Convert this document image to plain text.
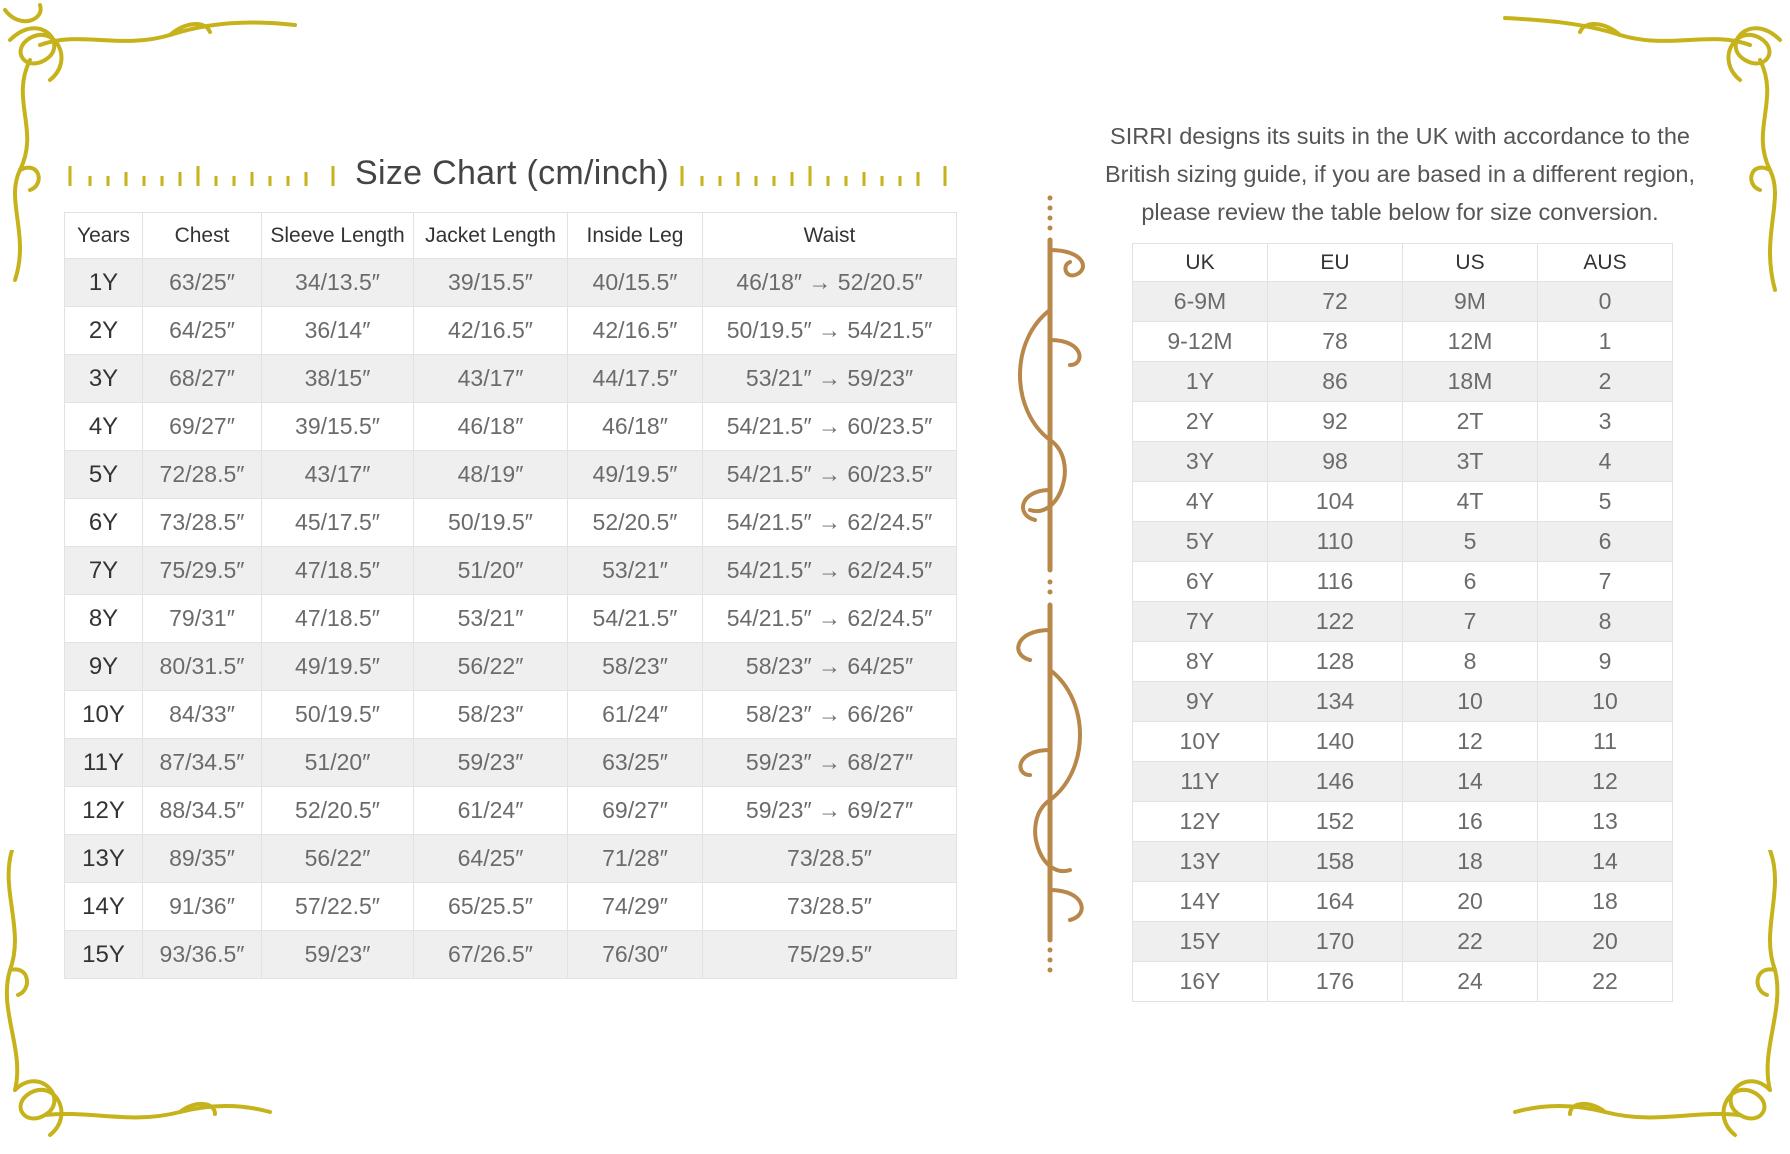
Size Chart (cm/inch)
Years	Chest	Sleeve Length	Jacket Length	Inside Leg	Waist
1Y	63/25″	34/13.5″	39/15.5″	40/15.5″	46/18″ → 52/20.5″
2Y	64/25″	36/14″	42/16.5″	42/16.5″	50/19.5″ → 54/21.5″
3Y	68/27″	38/15″	43/17″	44/17.5″	53/21″ → 59/23″
4Y	69/27″	39/15.5″	46/18″	46/18″	54/21.5″ → 60/23.5″
5Y	72/28.5″	43/17″	48/19″	49/19.5″	54/21.5″ → 60/23.5″
6Y	73/28.5″	45/17.5″	50/19.5″	52/20.5″	54/21.5″ → 62/24.5″
7Y	75/29.5″	47/18.5″	51/20″	53/21″	54/21.5″ → 62/24.5″
8Y	79/31″	47/18.5″	53/21″	54/21.5″	54/21.5″ → 62/24.5″
9Y	80/31.5″	49/19.5″	56/22″	58/23″	58/23″ → 64/25″
10Y	84/33″	50/19.5″	58/23″	61/24″	58/23″ → 66/26″
11Y	87/34.5″	51/20″	59/23″	63/25″	59/23″ → 68/27″
12Y	88/34.5″	52/20.5″	61/24″	69/27″	59/23″ → 69/27″
13Y	89/35″	56/22″	64/25″	71/28″	73/28.5″
14Y	91/36″	57/22.5″	65/25.5″	74/29″	73/28.5″
15Y	93/36.5″	59/23″	67/26.5″	76/30″	75/29.5″
SIRRI designs its suits in the UK with accordance to the British sizing guide, if you are based in a different region, please review the table below for size conversion.
UK	EU	US	AUS
6-9M	72	9M	0
9-12M	78	12M	1
1Y	86	18M	2
2Y	92	2T	3
3Y	98	3T	4
4Y	104	4T	5
5Y	110	5	6
6Y	116	6	7
7Y	122	7	8
8Y	128	8	9
9Y	134	10	10
10Y	140	12	11
11Y	146	14	12
12Y	152	16	13
13Y	158	18	14
14Y	164	20	18
15Y	170	22	20
16Y	176	24	22
